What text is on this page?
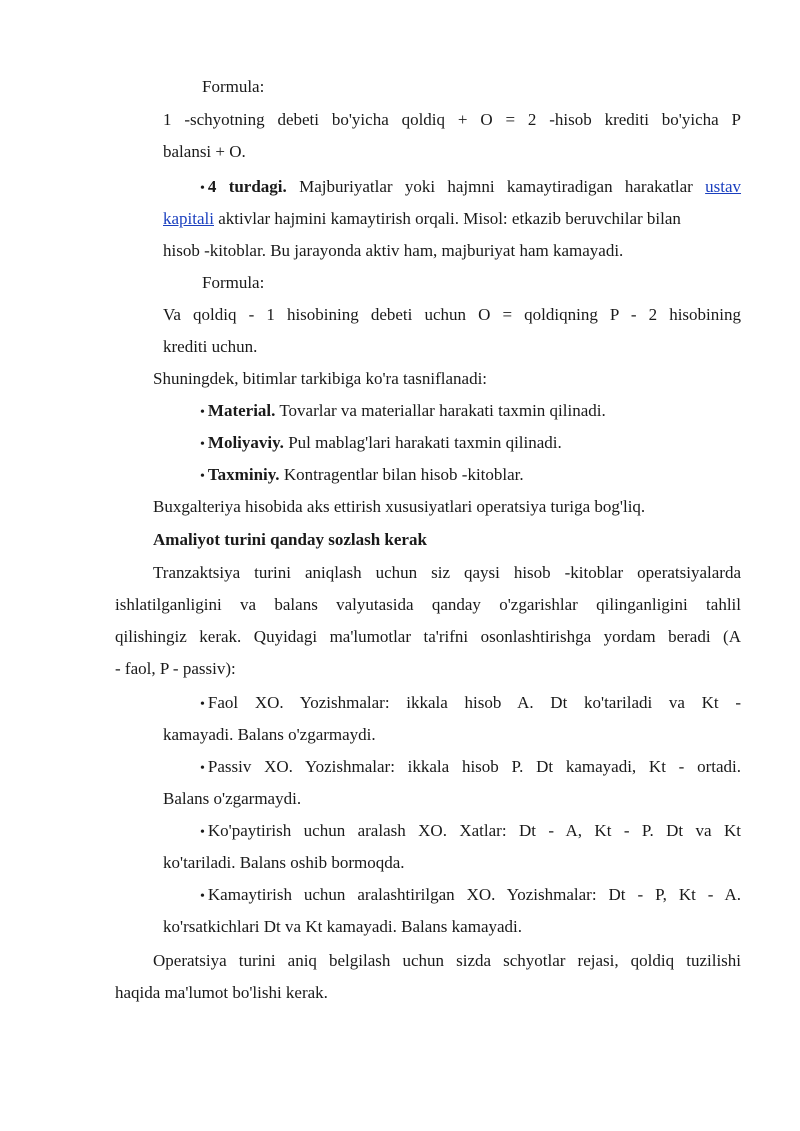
Formula:
1 -schyotning debeti bo'yicha qoldiq + O = 2 -hisob krediti bo'yicha P
balansi + O.
• 4 turdagi. Majburiyatlar yoki hajmni kamaytiradigan harakatlar ustav
kapitali aktivlar hajmini kamaytirish orqali. Misol: etkazib beruvchilar bilan
hisob -kitoblar. Bu jarayonda aktiv ham, majburiyat ham kamayadi.
Formula:
Va qoldiq - 1 hisobining debeti uchun O = qoldiqning P - 2 hisobining
krediti uchun.
Shuningdek, bitimlar tarkibiga ko'ra tasniflanadi:
• Material. Tovarlar va materiallar harakati taxmin qilinadi.
• Moliyaviy. Pul mablag'lari harakati taxmin qilinadi.
• Taxminiy. Kontragentlar bilan hisob -kitoblar.
Buxgalteriya hisobida aks ettirish xususiyatlari operatsiya turiga bog'liq.
Amaliyot turini qanday sozlash kerak
Tranzaktsiya turini aniqlash uchun siz qaysi hisob -kitoblar operatsiyalarda
ishlatilganligini va balans valyutasida qanday o'zgarishlar qilinganligini tahlil
qilishingiz kerak. Quyidagi ma'lumotlar ta'rifni osonlashtirishga yordam beradi (A
- faol, P - passiv):
• Faol XO. Yozishmalar: ikkala hisob A. Dt ko'tariladi va Kt -
kamayadi. Balans o'zgarmaydi.
• Passiv XO. Yozishmalar: ikkala hisob P. Dt kamayadi, Kt - ortadi.
Balans o'zgarmaydi.
• Ko'paytirish uchun aralash XO. Xatlar: Dt - A, Kt - P. Dt va Kt
ko'tariladi. Balans oshib bormoqda.
• Kamaytirish uchun aralashtirilgan XO. Yozishmalar: Dt - P, Kt - A.
ko'rsatkichlari Dt va Kt kamayadi. Balans kamayadi.
Operatsiya turini aniq belgilash uchun sizda schyotlar rejasi, qoldiq tuzilishi
haqida ma'lumot bo'lishi kerak.
